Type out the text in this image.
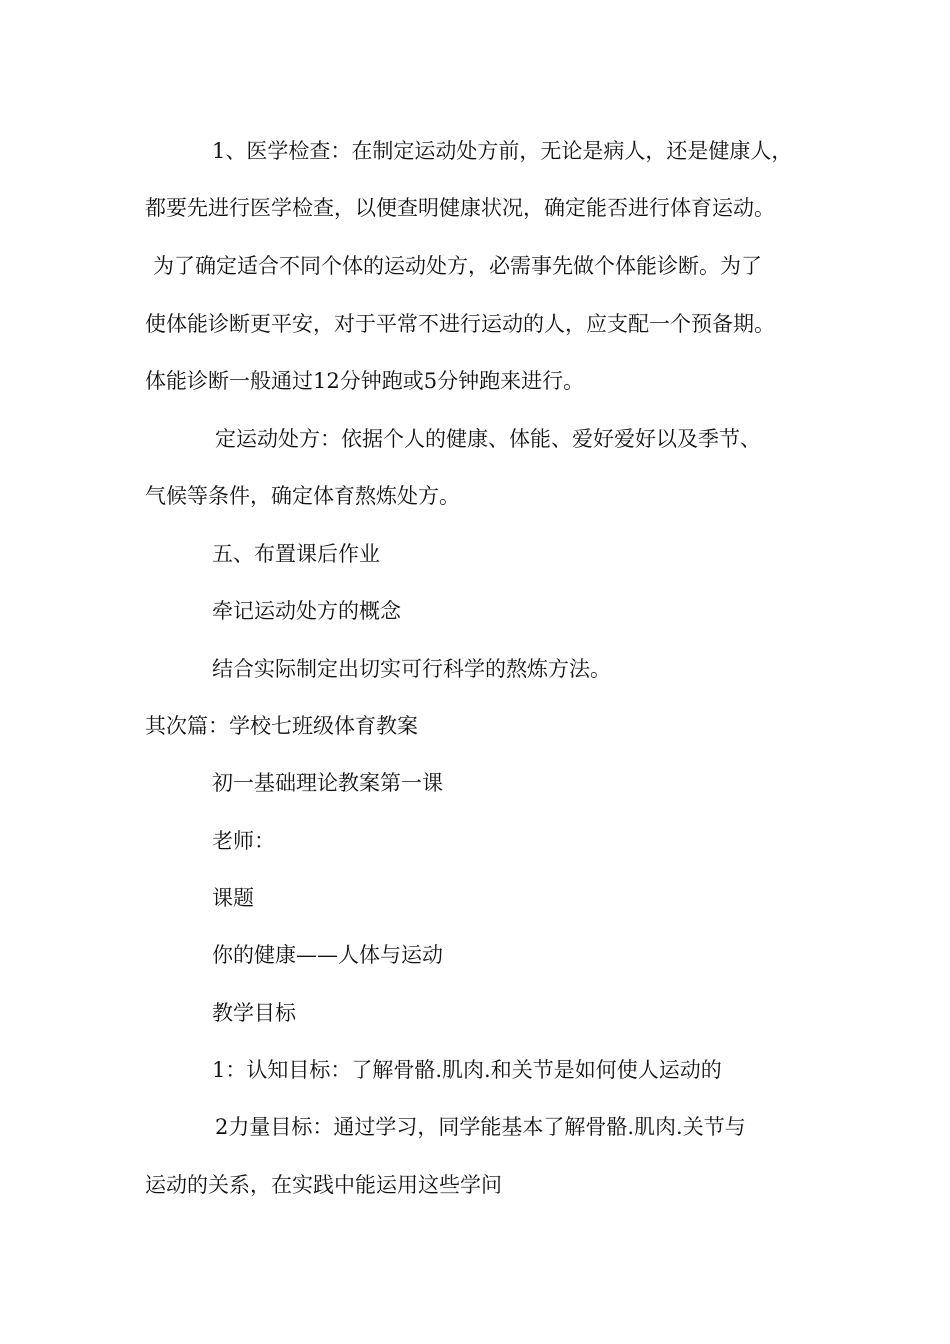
1、医学检查：在制定运动处方前，无论是病人，还是健康人，
都要先进行医学检查，以便查明健康状况，确定能否进行体育运动。
为了确定适合不同个体的运动处方，必需事先做个体能诊断。为了
使体能诊断更平安，对于平常不进行运动的人，应支配一个预备期。
体能诊断一般通过12分钟跑或5分钟跑来进行。
定运动处方：依据个人的健康、体能、爱好爱好以及季节、
气候等条件，确定体育熬炼处方。
五、布置课后作业
牵记运动处方的概念
结合实际制定出切实可行科学的熬炼方法。
其次篇：学校七班级体育教案
初一基础理论教案第一课
老师：
课题
你的健康——人体与运动
教学目标
1：认知目标：了解骨骼.肌肉.和关节是如何使人运动的
2力量目标：通过学习，同学能基本了解骨骼.肌肉.关节与
运动的关系，在实践中能运用这些学问
